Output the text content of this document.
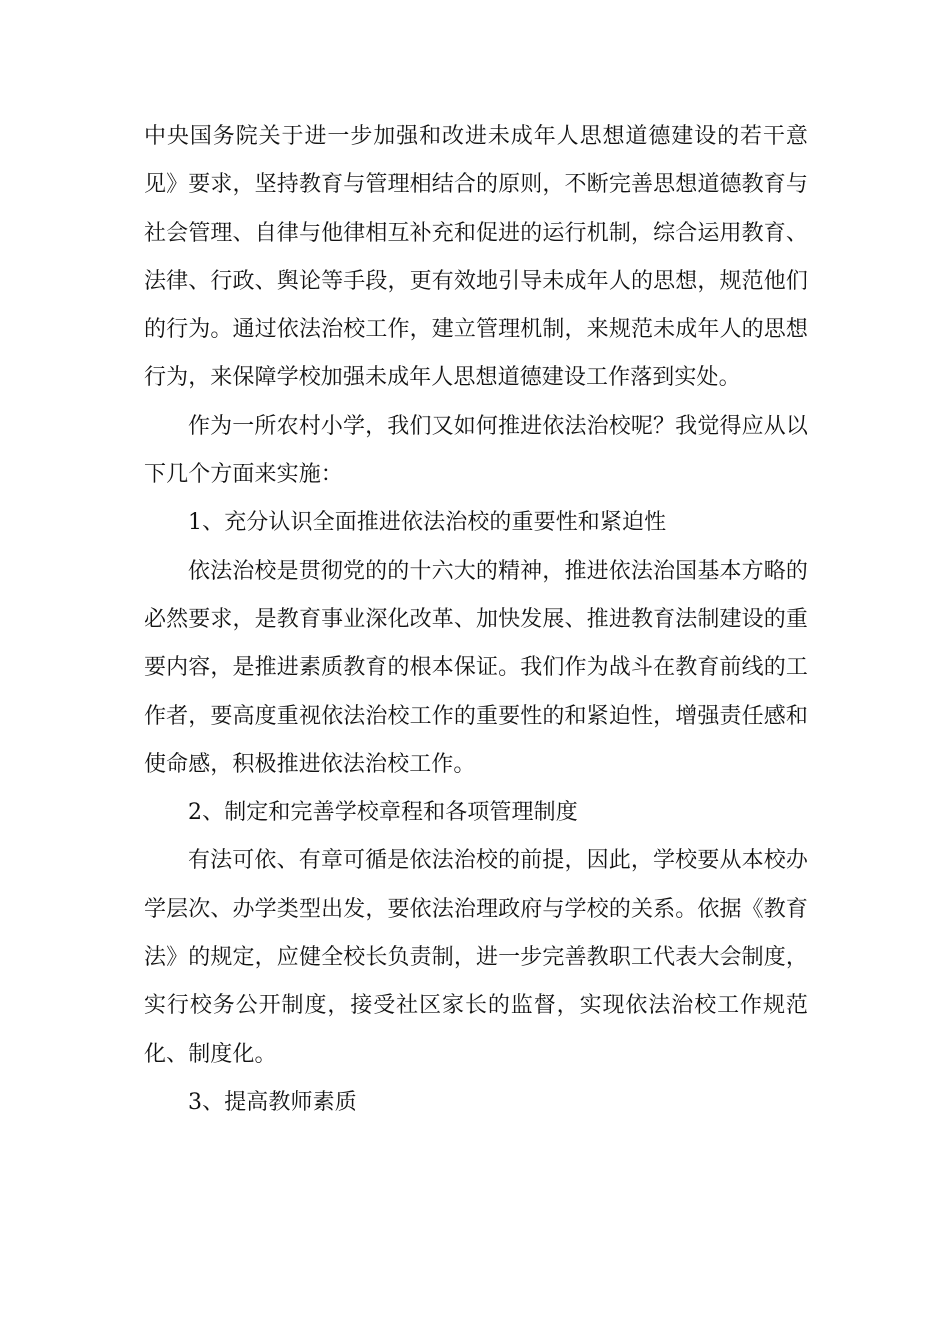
中央国务院关于进一步加强和改进未成年人思想道德建设的若干意见》要求，坚持教育与管理相结合的原则，不断完善思想道德教育与社会管理、自律与他律相互补充和促进的运行机制，综合运用教育、法律、行政、舆论等手段，更有效地引导未成年人的思想，规范他们的行为。通过依法治校工作，建立管理机制，来规范未成年人的思想行为，来保障学校加强未成年人思想道德建设工作落到实处。

作为一所农村小学，我们又如何推进依法治校呢？我觉得应从以下几个方面来实施：

1、充分认识全面推进依法治校的重要性和紧迫性

依法治校是贯彻党的的十六大的精神，推进依法治国基本方略的必然要求，是教育事业深化改革、加快发展、推进教育法制建设的重要内容，是推进素质教育的根本保证。我们作为战斗在教育前线的工作者，要高度重视依法治校工作的重要性的和紧迫性，增强责任感和使命感，积极推进依法治校工作。

2、制定和完善学校章程和各项管理制度

有法可依、有章可循是依法治校的前提，因此，学校要从本校办学层次、办学类型出发，要依法治理政府与学校的关系。依据《教育法》的规定，应健全校长负责制，进一步完善教职工代表大会制度，实行校务公开制度，接受社区家长的监督，实现依法治校工作规范化、制度化。

3、提高教师素质
